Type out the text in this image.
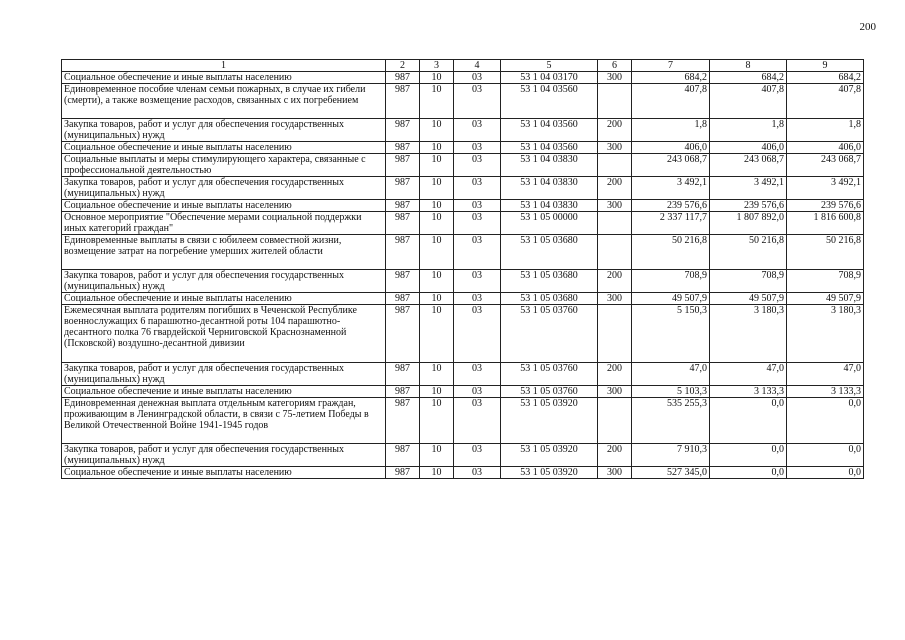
200
1	2	3	4	5	6	7	8	9
Социальное обеспечение и иные выплаты населению	987	10	03	53 1 04 03170	300	684,2	684,2	684,2
Единовременное пособие членам семьи пожарных, в случае их гибели (смерти), а также возмещение расходов, связанных с их погребением	987	10	03	53 1 04 03560		407,8	407,8	407,8
Закупка товаров, работ и услуг для обеспечения государственных (муниципальных) нужд	987	10	03	53 1 04 03560	200	1,8	1,8	1,8
Социальное обеспечение и иные выплаты населению	987	10	03	53 1 04 03560	300	406,0	406,0	406,0
Социальные выплаты и меры стимулирующего характера, связанные с профессиональной деятельностью	987	10	03	53 1 04 03830		243 068,7	243 068,7	243 068,7
Закупка товаров, работ и услуг для обеспечения государственных (муниципальных) нужд	987	10	03	53 1 04 03830	200	3 492,1	3 492,1	3 492,1
Социальное обеспечение и иные выплаты населению	987	10	03	53 1 04 03830	300	239 576,6	239 576,6	239 576,6
Основное мероприятие "Обеспечение мерами социальной поддержки иных категорий граждан"	987	10	03	53 1 05 00000		2 337 117,7	1 807 892,0	1 816 600,8
Единовременные выплаты в связи с юбилеем совместной жизни, возмещение затрат на погребение умерших жителей области	987	10	03	53 1 05 03680		50 216,8	50 216,8	50 216,8
Закупка товаров, работ и услуг для обеспечения государственных (муниципальных) нужд	987	10	03	53 1 05 03680	200	708,9	708,9	708,9
Социальное обеспечение и иные выплаты населению	987	10	03	53 1 05 03680	300	49 507,9	49 507,9	49 507,9
Ежемесячная выплата родителям погибших в Чеченской Республике военнослужащих 6 парашютно-десантной роты 104 парашютно-десантного полка 76 гвардейской Черниговской Краснознаменной (Псковской) воздушно-десантной дивизии	987	10	03	53 1 05 03760		5 150,3	3 180,3	3 180,3
Закупка товаров, работ и услуг для обеспечения государственных (муниципальных) нужд	987	10	03	53 1 05 03760	200	47,0	47,0	47,0
Социальное обеспечение и иные выплаты населению	987	10	03	53 1 05 03760	300	5 103,3	3 133,3	3 133,3
Единовременная денежная выплата отдельным категориям граждан, проживающим в Ленинградской области, в связи с 75-летием Победы в Великой Отечественной Войне 1941-1945 годов	987	10	03	53 1 05 03920		535 255,3	0,0	0,0
Закупка товаров, работ и услуг для обеспечения государственных (муниципальных) нужд	987	10	03	53 1 05 03920	200	7 910,3	0,0	0,0
Социальное обеспечение и иные выплаты населению	987	10	03	53 1 05 03920	300	527 345,0	0,0	0,0
